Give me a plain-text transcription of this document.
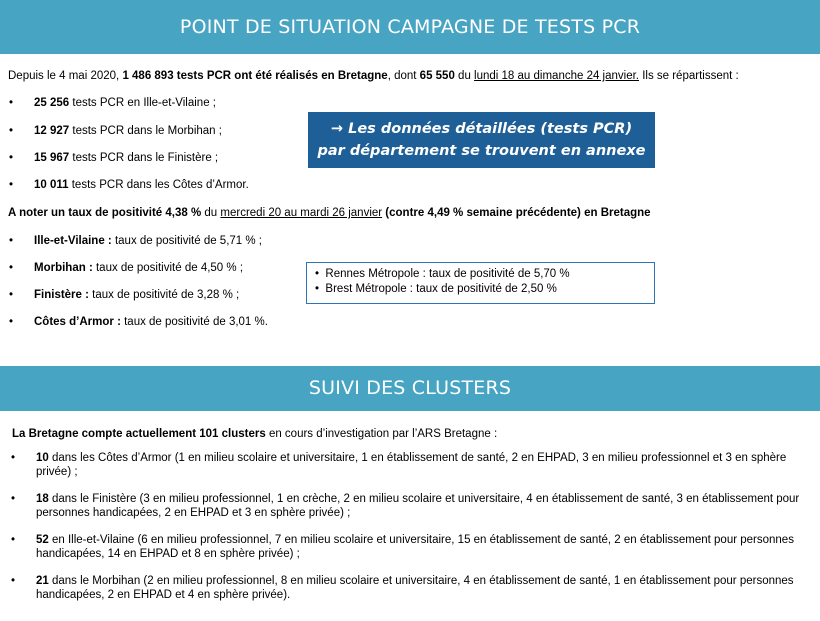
POINT DE SITUATION CAMPAGNE DE TESTS PCR
Depuis le 4 mai 2020, 1 486 893 tests PCR ont été réalisés en Bretagne, dont 65 550 du lundi 18 au dimanche 24 janvier. Ils se répartissent :
• 25 256 tests PCR en Ille-et-Vilaine ;
• 12 927 tests PCR dans le Morbihan ;
• 15 967 tests PCR dans le Finistère ;
• 10 011 tests PCR dans les Côtes d’Armor.
→ Les données détaillées (tests PCR)
par département se trouvent en annexe
A noter un taux de positivité 4,38 % du mercredi 20 au mardi 26 janvier (contre 4,49 % semaine précédente) en Bretagne
• Ille-et-Vilaine : taux de positivité de 5,71 % ;
• Morbihan : taux de positivité de 4,50 % ;
• Finistère : taux de positivité de 3,28 % ;
• Côtes d’Armor : taux de positivité de 3,01 %.
• Rennes Métropole : taux de positivité de 5,70 %
• Brest Métropole : taux de positivité de 2,50 %
SUIVI DES CLUSTERS
La Bretagne compte actuellement 101 clusters en cours d’investigation par l’ARS Bretagne :
• 10 dans les Côtes d’Armor (1 en milieu scolaire et universitaire, 1 en établissement de santé, 2 en EHPAD, 3 en milieu professionnel et 3 en sphère privée) ;
• 18 dans le Finistère (3 en milieu professionnel, 1 en crèche, 2 en milieu scolaire et universitaire, 4 en établissement de santé, 3 en établissement pour personnes handicapées, 2 en EHPAD et 3 en sphère privée) ;
• 52 en Ille-et-Vilaine (6 en milieu professionnel, 7 en milieu scolaire et universitaire, 15 en établissement de santé, 2 en établissement pour personnes handicapées, 14 en EHPAD et 8 en sphère privée) ;
• 21 dans le Morbihan (2 en milieu professionnel, 8 en milieu scolaire et universitaire, 4 en établissement de santé, 1 en établissement pour personnes handicapées, 2 en EHPAD et 4 en sphère privée).
